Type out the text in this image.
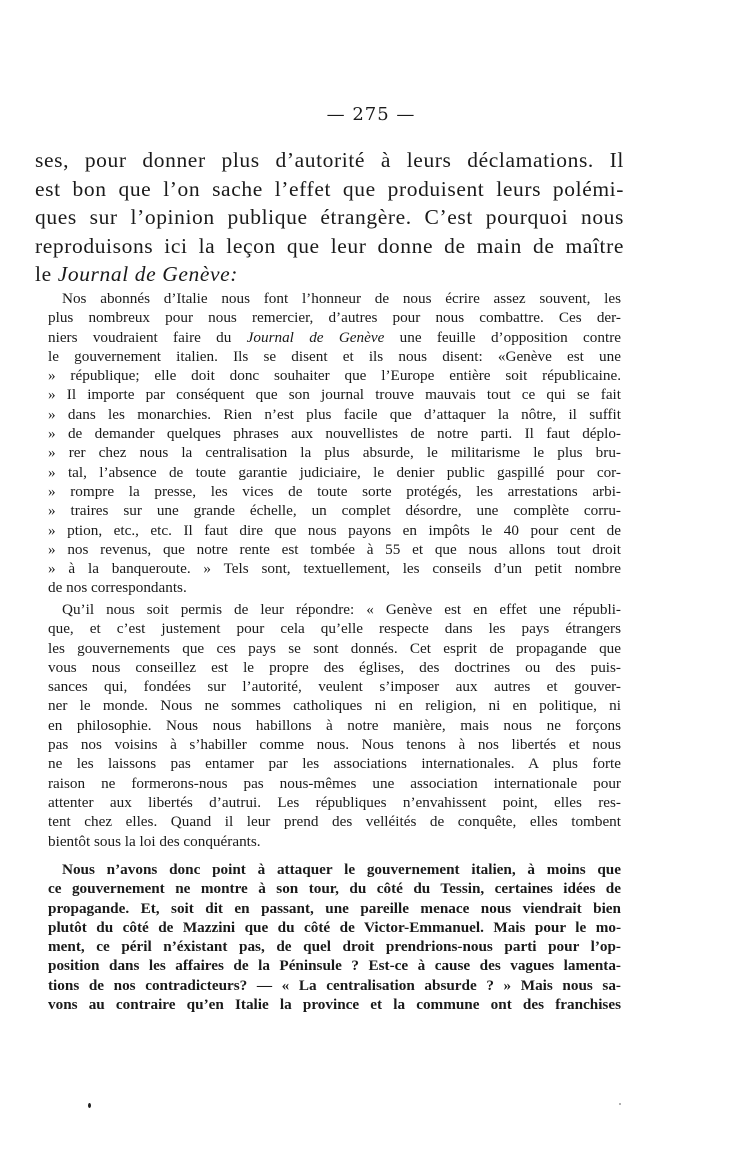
— 275 —
ses, pour donner plus d’autorité à leurs déclamations. Il
est bon que l’on sache l’effet que produisent leurs polémi-
ques sur l’opinion publique étrangère. C’est pourquoi nous
reproduisons ici la leçon que leur donne de main de maître
le Journal de Genève:
Nos abonnés d’Italie nous font l’honneur de nous écrire assez souvent, les
plus nombreux pour nous remercier, d’autres pour nous combattre. Ces der-
niers voudraient faire du Journal de Genève une feuille d’opposition contre
le gouvernement italien. Ils se disent et ils nous disent: «Genève est une
» république; elle doit donc souhaiter que l’Europe entière soit républicaine.
» Il importe par conséquent que son journal trouve mauvais tout ce qui se fait
» dans les monarchies. Rien n’est plus facile que d’attaquer la nôtre, il suffit
» de demander quelques phrases aux nouvellistes de notre parti. Il faut déplo-
» rer chez nous la centralisation la plus absurde, le militarisme le plus bru-
» tal, l’absence de toute garantie judiciaire, le denier public gaspillé pour cor-
» rompre la presse, les vices de toute sorte protégés, les arrestations arbi-
» traires sur une grande échelle, un complet désordre, une complète corru-
» ption, etc., etc. Il faut dire que nous payons en impôts le 40 pour cent de
» nos revenus, que notre rente est tombée à 55 et que nous allons tout droit
» à la banqueroute. » Tels sont, textuellement, les conseils d’un petit nombre
de nos correspondants.
Qu’il nous soit permis de leur répondre: « Genève est en effet une républi-
que, et c’est justement pour cela qu’elle respecte dans les pays étrangers
les gouvernements que ces pays se sont donnés. Cet esprit de propagande que
vous nous conseillez est le propre des églises, des doctrines ou des puis-
sances qui, fondées sur l’autorité, veulent s’imposer aux autres et gouver-
ner le monde. Nous ne sommes catholiques ni en religion, ni en politique, ni
en philosophie. Nous nous habillons à notre manière, mais nous ne forçons
pas nos voisins à s’habiller comme nous. Nous tenons à nos libertés et nous
ne les laissons pas entamer par les associations internationales. A plus forte
raison ne formerons-nous pas nous-mêmes une association internationale pour
attenter aux libertés d’autrui. Les républiques n’envahissent point, elles res-
tent chez elles. Quand il leur prend des velléités de conquête, elles tombent
bientôt sous la loi des conquérants.
Nous n’avons donc point à attaquer le gouvernement italien, à moins que
ce gouvernement ne montre à son tour, du côté du Tessin, certaines idées de
propagande. Et, soit dit en passant, une pareille menace nous viendrait bien
plutôt du côté de Mazzini que du côté de Victor-Emmanuel. Mais pour le mo-
ment, ce péril n’éxistant pas, de quel droit prendrions-nous parti pour l’op-
position dans les affaires de la Péninsule ? Est-ce à cause des vagues lamenta-
tions de nos contradicteurs? — « La centralisation absurde ? » Mais nous sa-
vons au contraire qu’en Italie la province et la commune ont des franchises
